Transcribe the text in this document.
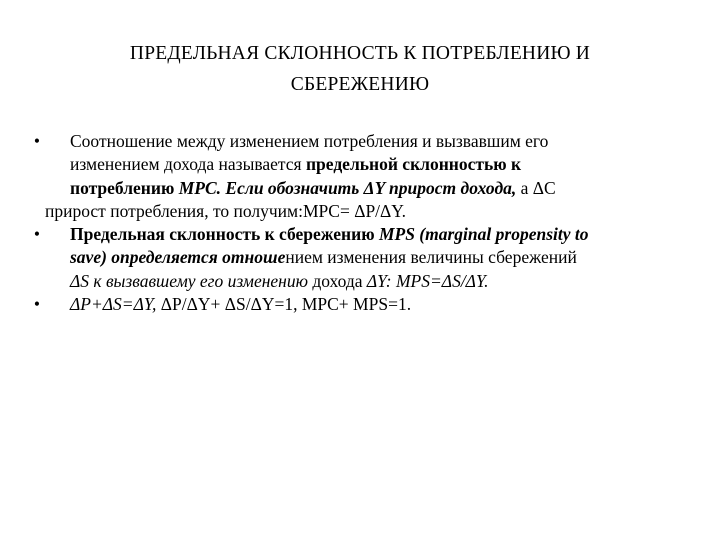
ПРЕДЕЛЬНАЯ СКЛОННОСТЬ К ПОТРЕБЛЕНИЮ И
СБЕРЕЖЕНИЮ
• Соотношение между изменением потребления и вызвавшим его
изменением дохода называется предельной склонностью к
потреблению MPC. Если обозначить ΔY прирост дохода, а ΔC
прирост потребления, то получим:MPC= ΔP/ΔY.
• Предельная склонность к сбережению MPS (marginal propensity to
save) определяется отношением изменения величины сбережений
ΔS к вызвавшему его изменению дохода ΔY: MPS=ΔS/ΔY.
• ΔP+ΔS=ΔY, ΔP/ΔY+ ΔS/ΔY=1, MPC+ MPS=1.
